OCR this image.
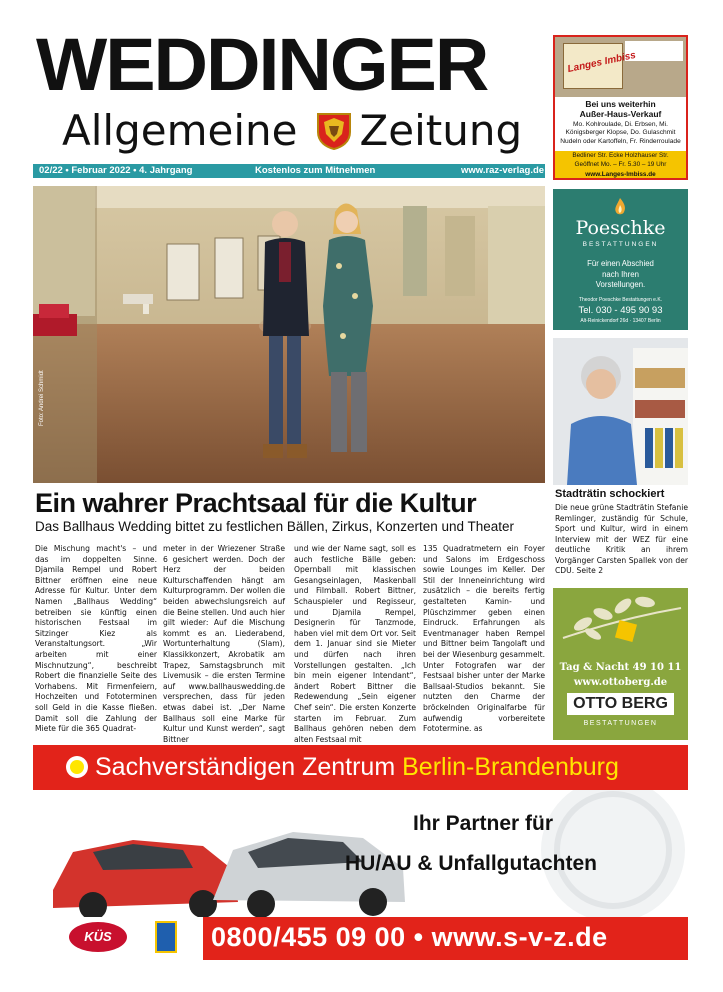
WEDDINGER
Allgemeine Zeitung
02/22 • Februar 2022 • 4. Jahrgang	Kostenlos zum Mitnehmen	www.raz-verlag.de
Foto: Andrei Schmidt
Ein wahrer Prachtsaal für die Kultur
Das Ballhaus Wedding bittet zu festlichen Bällen, Zirkus, Konzerten und Theater

Die Mischung macht's – und das im doppelten Sinne. Djamila Rempel und Robert Bittner eröffnen eine neue Adresse für Kultur. Unter dem Namen „Ballhaus Wedding“ betreiben sie künftig einen historischen Festsaal im Sitzinger Kiez als Veranstaltungsort. „Wir arbeiten mit einer Mischnutzung“, beschreibt Robert die finanzielle Seite des Vorhabens. Mit Firmenfeiern, Hochzeiten und Fototerminen soll Geld in die Kasse fließen. Damit soll die Zahlung der Miete für die 365 Quadrat-

meter in der Wriezener Straße 6 gesichert werden. Doch der Herz der beiden Kulturschaffenden hängt am Kulturprogramm. Der wollen die beiden abwechslungsreich auf die Beine stellen. Und auch hier gilt wieder: Auf die Mischung kommt es an. Liederabend, Wortunterhaltung (Slam), Klassikkonzert, Akrobatik am Trapez, Samstagsbrunch mit Livemusik – die ersten Termine auf www.ballhauswedding.de versprechen, dass für jeden etwas dabei ist. „Der Name Ballhaus soll eine Marke für Kultur und Kunst werden“, sagt Bittner

und wie der Name sagt, soll es auch festliche Bälle geben: Opernball mit klassischen Gesangseinlagen, Maskenball und Filmball. Robert Bittner, Schauspieler und Regisseur, und Djamila Rempel, Designerin für Tanzmode, haben viel mit dem Ort vor. Seit dem 1. Januar sind sie Mieter und dürfen nach ihren Vorstellungen gestalten. „Ich bin mein eigener Intendant“, ändert Robert Bittner die Redewendung „Sein eigener Chef sein“. Die ersten Konzerte starten im Februar. Zum Ballhaus gehören neben dem alten Festsaal mit

135 Quadratmetern ein Foyer und Salons im Erdgeschoss sowie Lounges im Keller. Der Stil der Inneneinrichtung wird zusätzlich – die bereits fertig gestalteten Kamin- und Plüschzimmer geben einen Eindruck. Erfahrungen als Eventmanager haben Rempel und Bittner beim Tangolaft und bei der Wiesenburg gesammelt. Unter Fotografen war der Festsaal bisher unter der Marke Ballsaal-Studios bekannt. Sie nutzten den Charme der bröckelnden Originalfarbe für aufwendig vorbereitete Fototermine. as

Langes Imbiss
Bei uns weiterhin
Außer-Haus-Verkauf
Mo. Kohlroulade, Di. Erbsen, Mi. Königsberger Klopse, Do. Gulaschmit Nudeln oder Kartoffeln, Fr. Rinderroulade
Bedliner Str. Ecke Holzhauser Str.
Geöffnet Mo. – Fr. 5.30 – 19 Uhr
www.Langes-Imbiss.de
Poeschke
BESTATTUNGEN
Für einen Abschied
nach Ihren
Vorstellungen.
Theodor Poeschke Bestattungen e.K.
Tel. 030 - 495 90 93
Alt-Reinickendorf 26d · 13407 Berlin
Stadträtin schockiert
Die neue grüne Stadträtin Stefanie Remlinger, zuständig für Schule, Sport und Kultur, wird in einem Interview mit der WEZ für eine deutliche Kritik an ihrem Vorgänger Carsten Spallek von der CDU. Seite 2
Tag & Nacht 49 10 11
www.ottoberg.de
OTTO BERG
BESTATTUNGEN
Sachverständigen Zentrum Berlin-Brandenburg
Ihr Partner für
HU/AU & Unfallgutachten
KÜS	0800/455 09 00 • www.s-v-z.de
